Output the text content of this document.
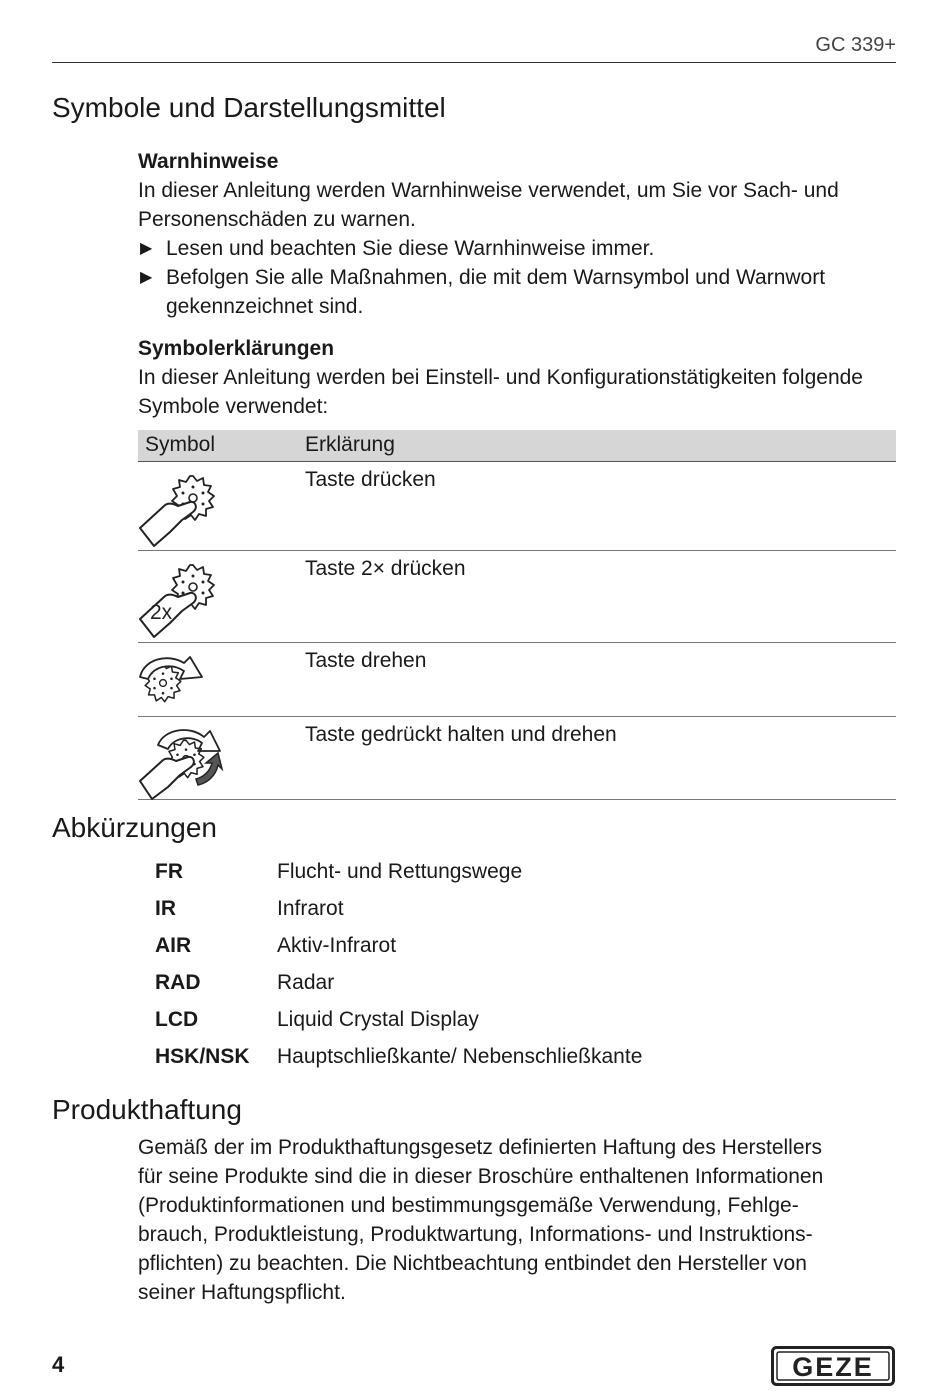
GC 339+
Symbole und Darstellungsmittel
Warnhinweise

In dieser Anleitung werden Warnhinweise verwendet, um Sie vor Sach- und Personenschäden zu warnen.

▶ Lesen und beachten Sie diese Warnhinweise immer.
▶ Befolgen Sie alle Maßnahmen, die mit dem Warnsymbol und Warnwort gekennzeichnet sind.
Symbolerklärungen

In dieser Anleitung werden bei Einstell- und Konfigurationstätigkeiten folgende Symbole verwendet:

Symbol	Erklärung
Taste drücken
2x
Taste 2× drücken
Taste drehen
Taste gedrückt halten und drehen
Abkürzungen
FR	Flucht- und Rettungswege
IR	Infrarot
AIR	Aktiv-Infrarot
RAD	Radar
LCD	Liquid Crystal Display
HSK/NSK Hauptschließkante/ Nebenschließkante
Produkthaftung
Gemäß der im Produkthaftungsgesetz definierten Haftung des Herstellers
für seine Produkte sind die in dieser Broschüre enthaltenen Informationen
(Produktinformationen und bestimmungsgemäße Verwendung, Fehlge-
brauch, Produktleistung, Produktwartung, Informations- und Instruktions-
pflichten) zu beachten. Die Nichtbeachtung entbindet den Hersteller von
seiner Haftungspflicht.
4	GEZE
